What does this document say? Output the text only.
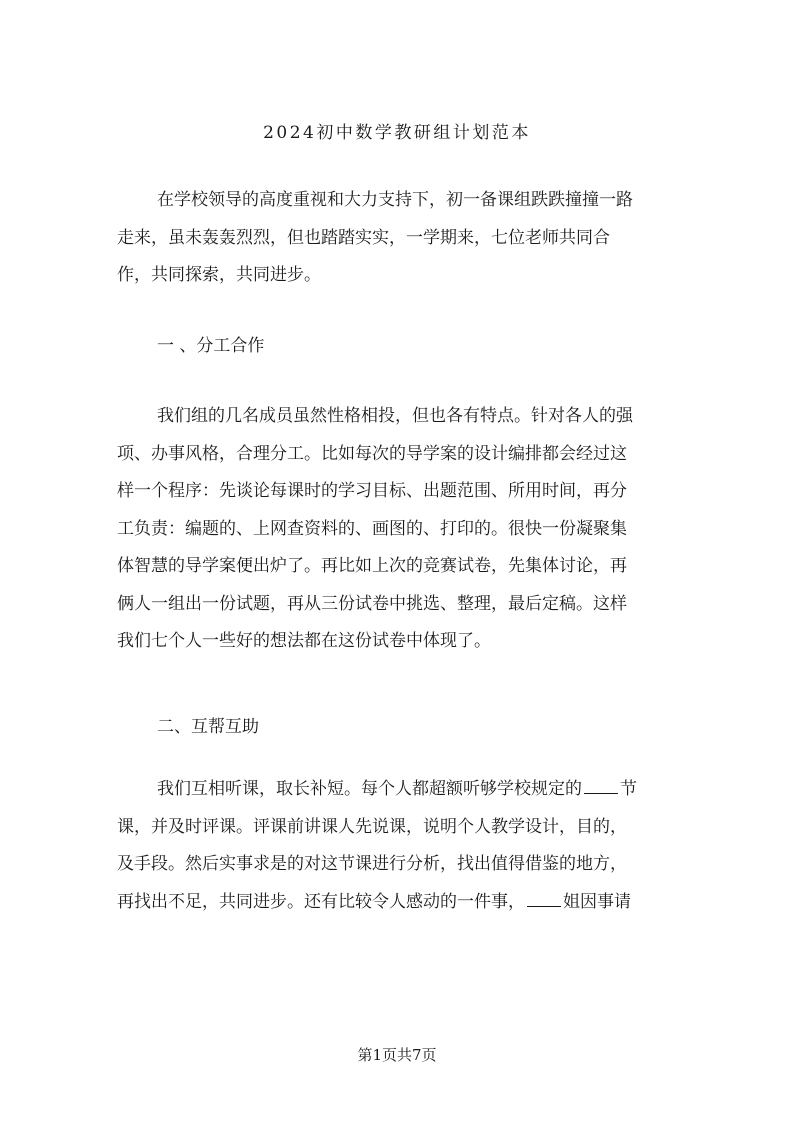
2024初中数学教研组计划范本
在学校领导的高度重视和大力支持下，初一备课组跌跌撞撞一路
走来，虽未轰轰烈烈，但也踏踏实实，一学期来，七位老师共同合
作，共同探索，共同进步。
一 、分工合作
我们组的几名成员虽然性格相投，但也各有特点。针对各人的强
项、办事风格，合理分工。比如每次的导学案的设计编排都会经过这
样一个程序：先谈论每课时的学习目标、出题范围、所用时间，再分
工负责：编题的、上网查资料的、画图的、打印的。很快一份凝聚集
体智慧的导学案便出炉了。再比如上次的竞赛试卷，先集体讨论，再
俩人一组出一份试题，再从三份试卷中挑选、整理，最后定稿。这样
我们七个人一些好的想法都在这份试卷中体现了。
二、互帮互助
我们互相听课，取长补短。每个人都超额听够学校规定的 节
课，并及时评课。评课前讲课人先说课，说明个人教学设计，目的，
及手段。然后实事求是的对这节课进行分析，找出值得借鉴的地方，
再找出不足，共同进步。还有比较令人感动的一件事， 姐因事请
第1页共7页
